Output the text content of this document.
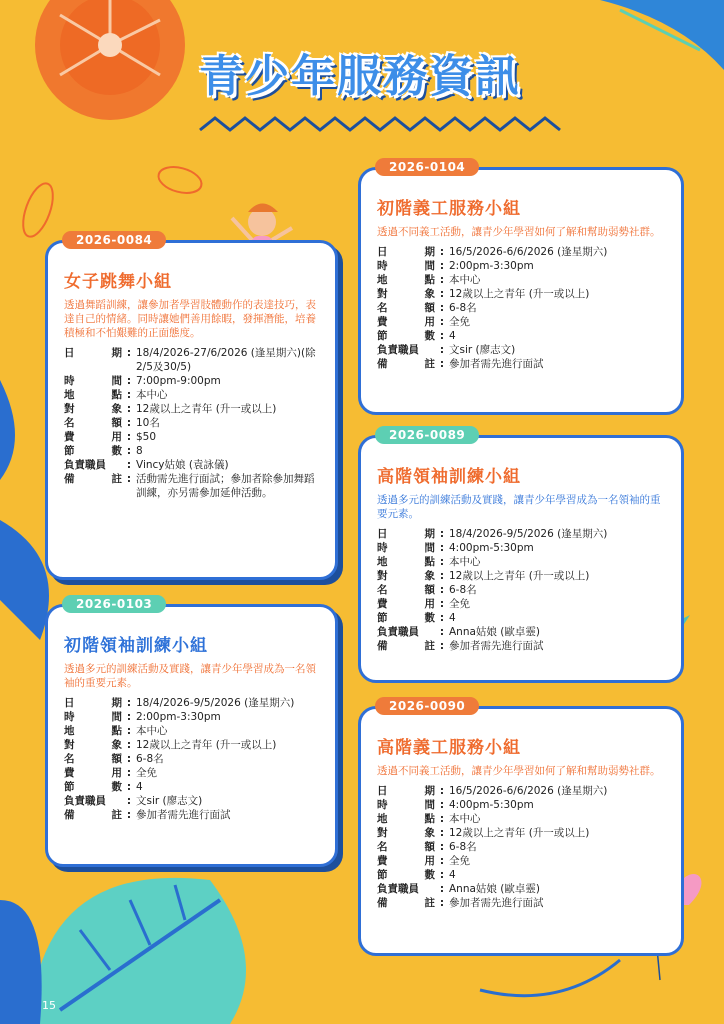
青少年服務資訊
2026-0084
女子跳舞小組
透過舞蹈訓練，讓參加者學習肢體動作的表達技巧，表達自己的情緒。同時讓她們善用餘暇，發揮潛能，培養積極和不怕艱難的正面態度。
日	期 : 18/4/2026-27/6/2026 (逢星期六)(除2/5及30/5)
時	間 : 7:00pm-9:00pm
地	點 : 本中心
對	象 : 12歲以上之青年 (升一或以上)
名	額 : 10名
費	用 : $50
節	數 : 8
負責職員	: Vincy姑娘 (袁詠儀)
備	註 : 活動需先進行面試；參加者除參加舞蹈訓練，亦另需參加延伸活動。
2026-0103
初階領袖訓練小組
透過多元的訓練活動及實踐，讓青少年學習成為一名領袖的重要元素。
日	期 : 18/4/2026-9/5/2026 (逢星期六)
時	間 : 2:00pm-3:30pm
地	點 : 本中心
對	象 : 12歲以上之青年 (升一或以上)
名	額 : 6-8名
費	用 : 全免
節	數 : 4
負責職員	: 文sir (廖志文)
備	註 : 參加者需先進行面試
2026-0104
初階義工服務小組
透過不同義工活動，讓青少年學習如何了解和幫助弱勢社群。
日	期 : 16/5/2026-6/6/2026 (逢星期六)
時	間 : 2:00pm-3:30pm
地	點 : 本中心
對	象 : 12歲以上之青年 (升一或以上)
名	額 : 6-8名
費	用 : 全免
節	數 : 4
負責職員	: 文sir (廖志文)
備	註 : 參加者需先進行面試
2026-0089
高階領袖訓練小組
透過多元的訓練活動及實踐，讓青少年學習成為一名領袖的重要元素。
日	期 : 18/4/2026-9/5/2026 (逢星期六)
時	間 : 4:00pm-5:30pm
地	點 : 本中心
對	象 : 12歲以上之青年 (升一或以上)
名	額 : 6-8名
費	用 : 全免
節	數 : 4
負責職員	: Anna姑娘 (歐卓靈)
備	註 : 參加者需先進行面試
2026-0090
高階義工服務小組
透過不同義工活動，讓青少年學習如何了解和幫助弱勢社群。
日	期 : 16/5/2026-6/6/2026 (逢星期六)
時	間 : 4:00pm-5:30pm
地	點 : 本中心
對	象 : 12歲以上之青年 (升一或以上)
名	額 : 6-8名
費	用 : 全免
節	數 : 4
負責職員	: Anna姑娘 (歐卓靈)
備	註 : 參加者需先進行面試
15
